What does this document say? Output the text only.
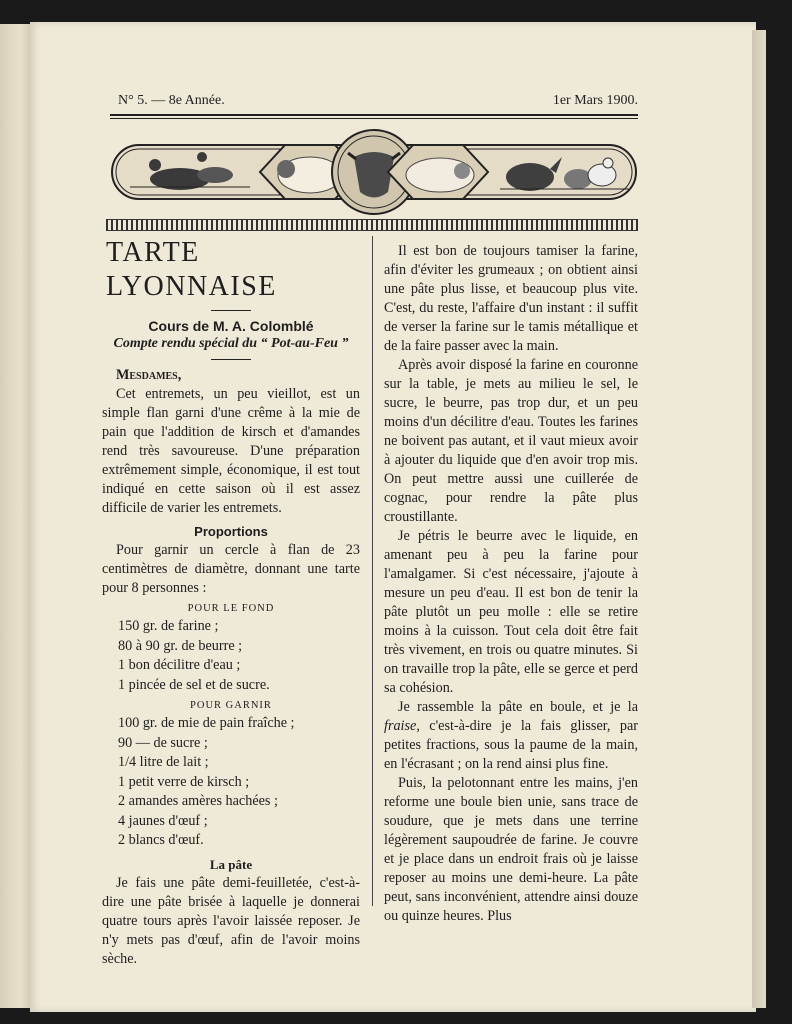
N° 5. — 8e Année.	1er Mars 1900.
TARTE LYONNAISE
Cours de M. A. Colomblé
Compte rendu spécial du “ Pot-au-Feu ”
Mesdames,

Cet entremets, un peu vieillot, est un simple flan garni d'une crême à la mie de pain que l'addition de kirsch et d'amandes rend très savoureuse. D'une préparation extrêmement simple, économique, il est tout indiqué en cette saison où il est assez difficile de varier les entremets.

Proportions

Pour garnir un cercle à flan de 23 centimètres de diamètre, donnant une tarte pour 8 personnes :

POUR LE FOND
150 gr. de farine ;
80 à 90 gr. de beurre ;
1 bon décilitre d'eau ;
1 pincée de sel et de sucre.
POUR GARNIR
100 gr. de mie de pain fraîche ;
90 — de sucre ;
1/4 litre de lait ;
1 petit verre de kirsch ;
2 amandes amères hachées ;
4 jaunes d'œuf ;
2 blancs d'œuf.
La pâte

Je fais une pâte demi-feuilletée, c'est-à-dire une pâte brisée à laquelle je donnerai quatre tours après l'avoir laissée reposer. Je n'y mets pas d'œuf, afin de l'avoir moins sèche.

Il est bon de toujours tamiser la farine, afin d'éviter les grumeaux ; on obtient ainsi une pâte plus lisse, et beaucoup plus vite. C'est, du reste, l'affaire d'un instant : il suffit de verser la farine sur le tamis métallique et de la faire passer avec la main.

Après avoir disposé la farine en couronne sur la table, je mets au milieu le sel, le sucre, le beurre, pas trop dur, et un peu moins d'un décilitre d'eau. Toutes les farines ne boivent pas autant, et il vaut mieux avoir à ajouter du liquide que d'en avoir trop mis. On peut mettre aussi une cuillerée de cognac, pour rendre la pâte plus croustillante.

Je pétris le beurre avec le liquide, en amenant peu à peu la farine pour l'amalgamer. Si c'est nécessaire, j'ajoute à mesure un peu d'eau. Il est bon de tenir la pâte plutôt un peu molle : elle se retire moins à la cuisson. Tout cela doit être fait très vivement, en trois ou quatre minutes. Si on travaille trop la pâte, elle se gerce et perd sa cohésion.

Je rassemble la pâte en boule, et je la fraise, c'est-à-dire je la fais glisser, par petites fractions, sous la paume de la main, en l'écrasant ; on la rend ainsi plus fine.

Puis, la pelotonnant entre les mains, j'en reforme une boule bien unie, sans trace de soudure, que je mets dans une terrine légèrement saupoudrée de farine. Je couvre et je place dans un endroit frais où je laisse reposer au moins une demi-heure. La pâte peut, sans inconvénient, attendre ainsi douze ou quinze heures. Plus
